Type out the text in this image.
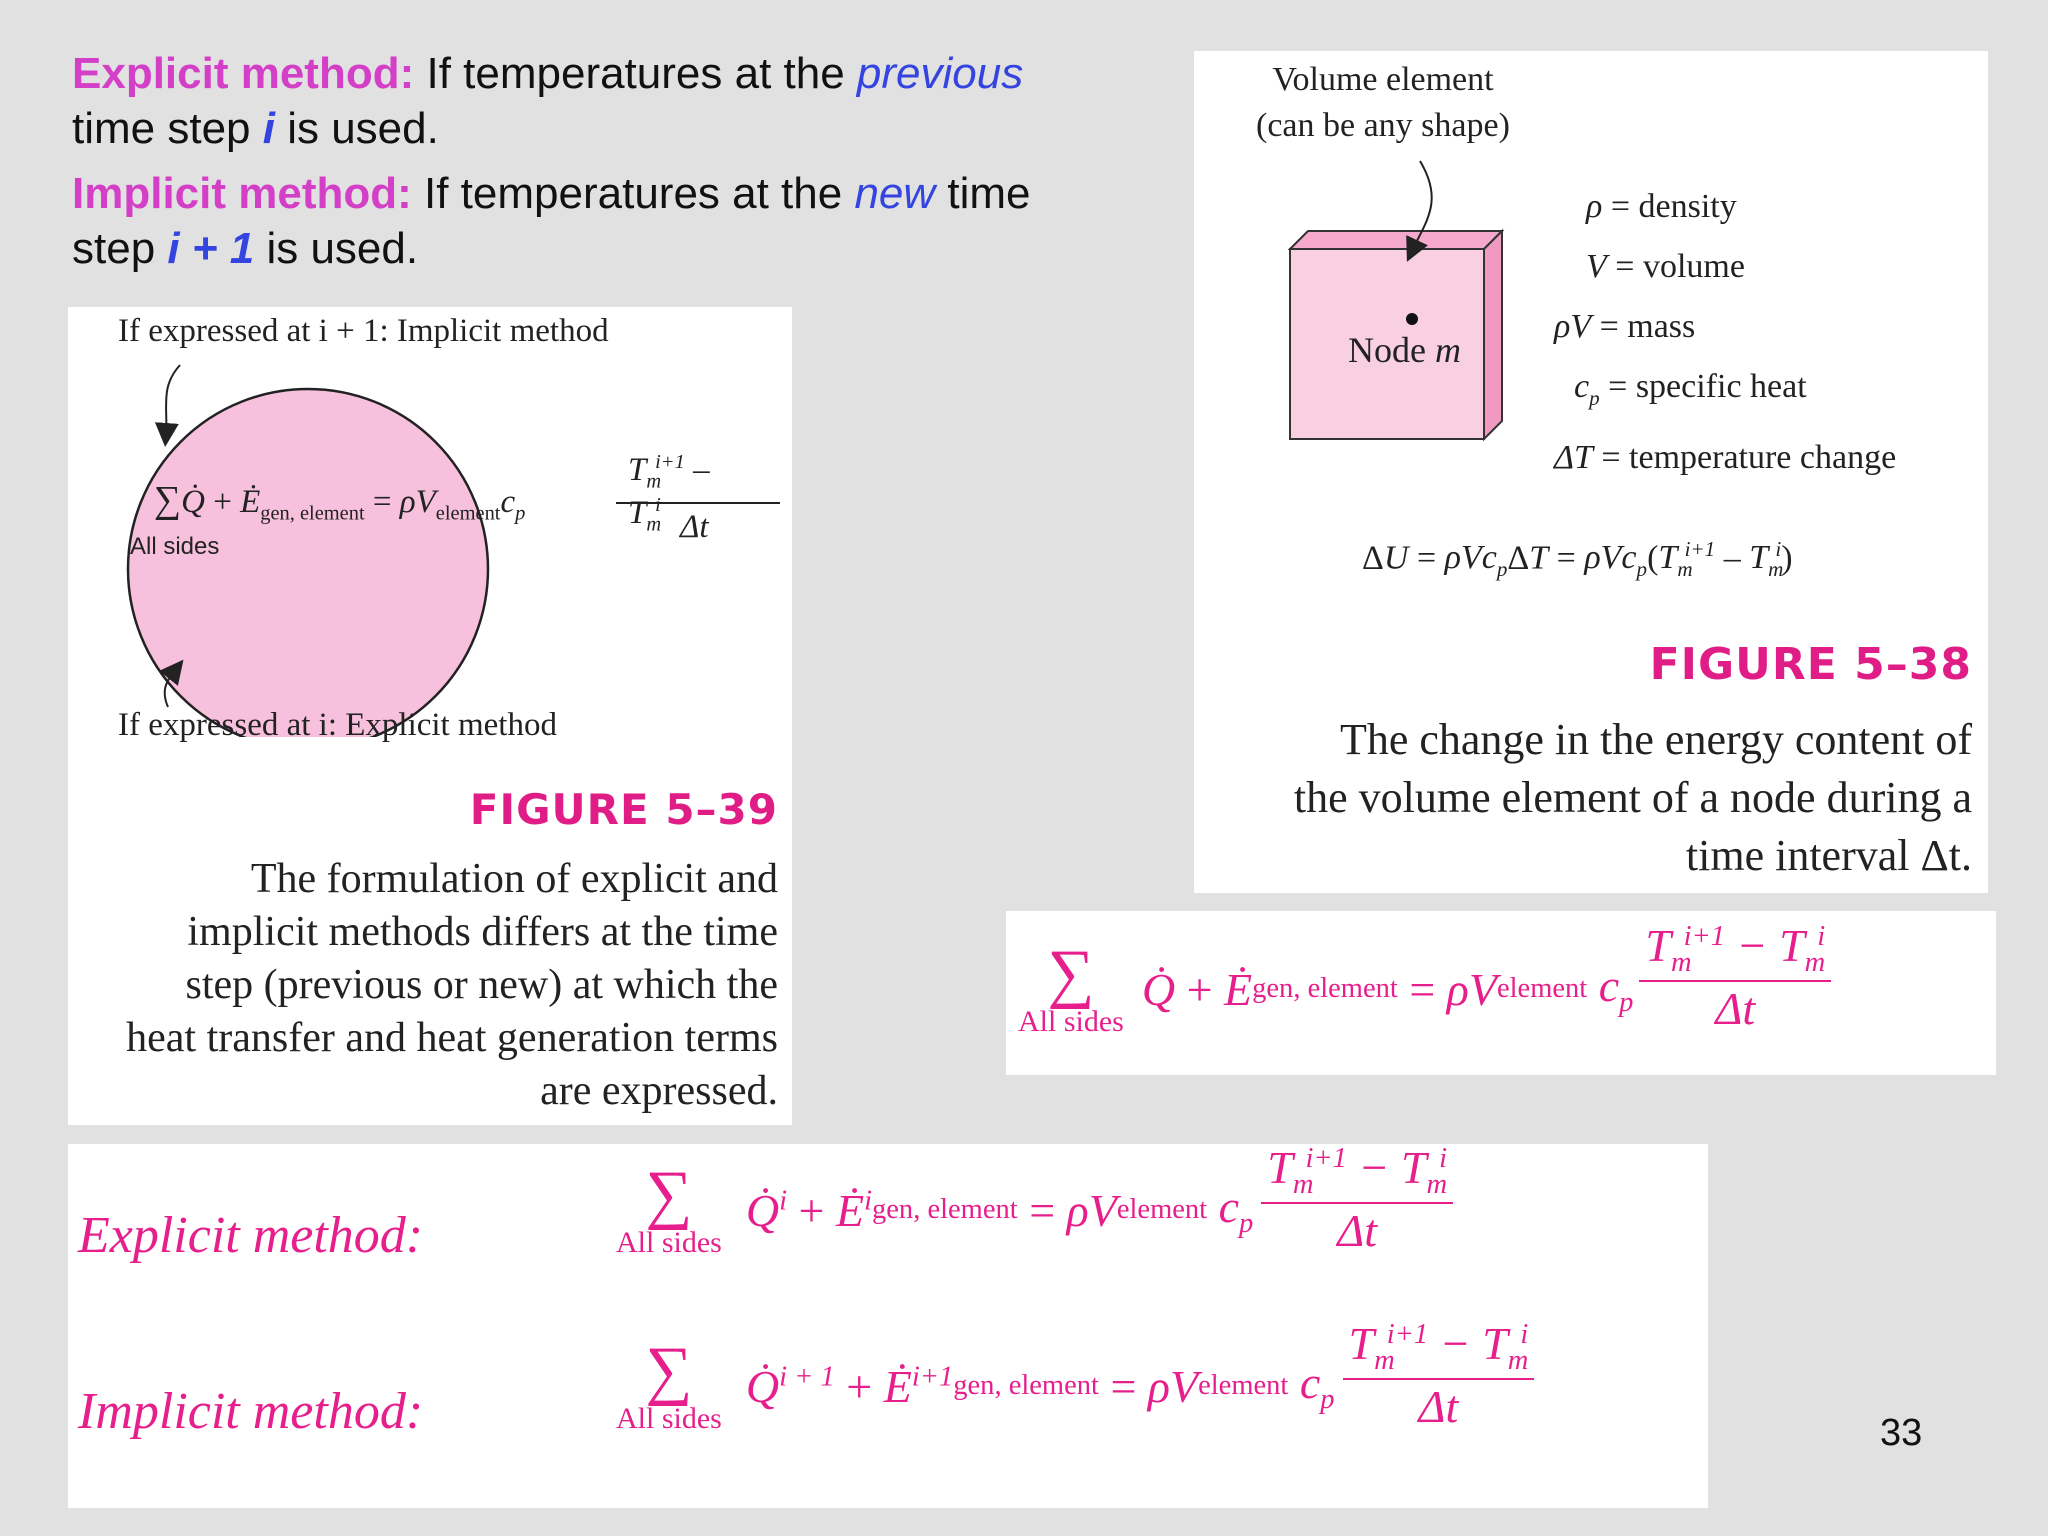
Explicit method: If temperatures at the previous
time step i is used.
Implicit method: If temperatures at the new time
step i + 1 is used.
If expressed at i + 1: Implicit method
∑Q̇ + $Ė_{gen, element} = \rho V_{element}c_p$
$T_m^{i+1} - T_m^i$
Δt
All sides
If expressed at i: Explicit method
FIGURE 5–39
The formulation of explicit and
implicit methods differs at the time
step (previous or new) at which the
heat transfer and heat generation terms
are expressed.
Volume element
(can be any shape)
Node m
ρ = density
V = volume
ρV = mass
$c_p$ = specific heat
ΔT = temperature change
$\Delta U = \rho Vc_p\Delta T = \rho Vc_p(T_m^{i+1} - T_m^i)$
FIGURE 5–38
The change in the energy content of
the volume element of a node during a
time interval Δt.
∑
All sides
Q̇ + Ė gen, element = ρV element
$c_p \frac{T_m^{i+1} - T_m^i}{\Delta t}$
Explicit method:
∑
All sides
Q̇$^i$ + $Ė^i$ gen, element = ρV element
$c_p \frac{T_m^{i+1} - T_m^i}{\Delta t}$
Implicit method:
∑
All sides
Q̇$^{i + 1}$ + $Ė^{i+1}$ gen, element = ρV element
$c_p \frac{T_m^{i+1} - T_m^i}{\Delta t}$
33
